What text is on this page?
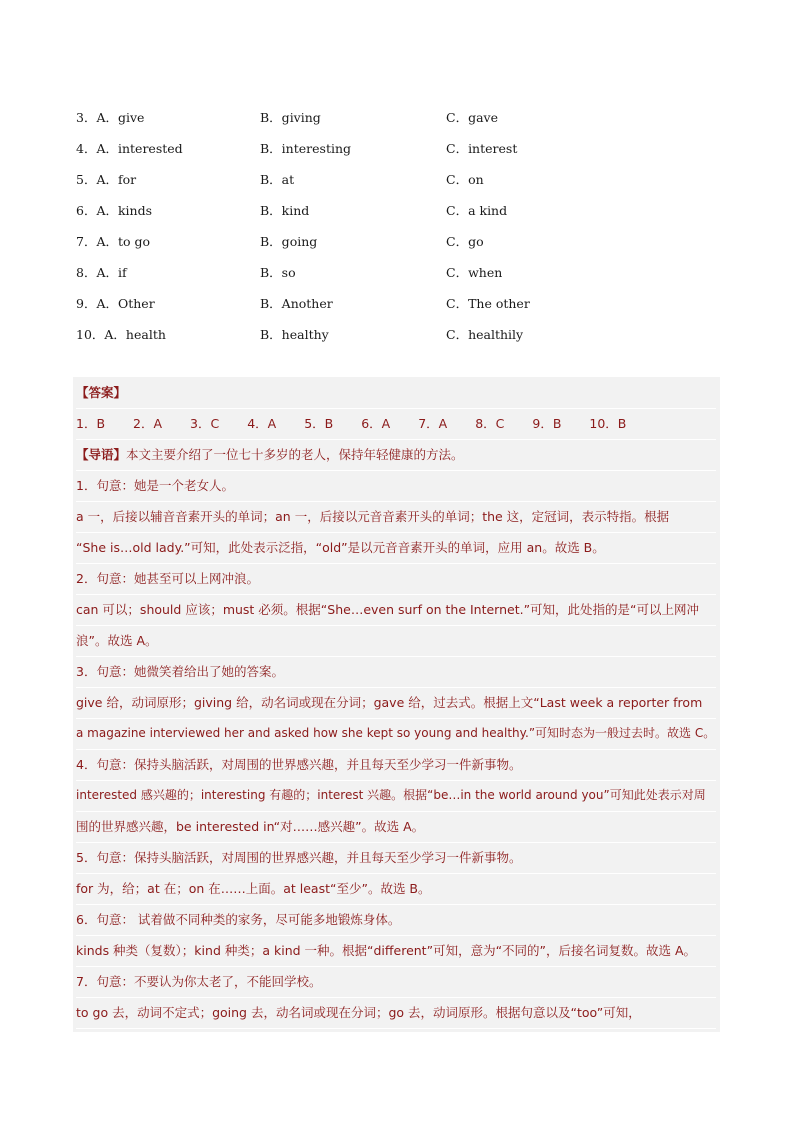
3．A．give	B．giving	C．gave
4．A．interested	B．interesting	C．interest
5．A．for	B．at	C．on
6．A．kinds	B．kind	C．a kind
7．A．to go	B．going	C．go
8．A．if	B．so	C．when
9．A．Other	B．Another	C．The other
10．A．health	B．healthy	C．healthily
【答案】
1．B 2．A 3．C 4．A 5．B 6．A 7．A 8．C 9．B 10．B
【导语】本文主要介绍了一位七十多岁的老人，保持年轻健康的方法。
1．句意：她是一个老女人。
a 一，后接以辅音音素开头的单词；an 一，后接以元音音素开头的单词；the 这，定冠词，表示特指。根据
“She is…old lady.”可知，此处表示泛指，“old”是以元音音素开头的单词，应用 an。故选 B。
2．句意：她甚至可以上网冲浪。
can 可以；should 应该；must 必须。根据“She…even surf on the Internet.”可知，此处指的是“可以上网冲
浪”。故选 A。
3．句意：她微笑着给出了她的答案。
give 给，动词原形；giving 给，动名词或现在分词；gave 给，过去式。根据上文“Last week a reporter from
a magazine interviewed her and asked how she kept so young and healthy.”可知时态为一般过去时。故选 C。
4．句意：保持头脑活跃，对周围的世界感兴趣，并且每天至少学习一件新事物。
interested 感兴趣的；interesting 有趣的；interest 兴趣。根据“be…in the world around you”可知此处表示对周
围的世界感兴趣，be interested in“对……感兴趣”。故选 A。
5．句意：保持头脑活跃，对周围的世界感兴趣，并且每天至少学习一件新事物。
for 为，给；at 在；on 在……上面。at least“至少”。故选 B。
6．句意： 试着做不同种类的家务，尽可能多地锻炼身体。
kinds 种类（复数）；kind 种类；a kind 一种。根据“different”可知，意为“不同的”，后接名词复数。故选 A。
7．句意：不要认为你太老了，不能回学校。
to go 去，动词不定式；going 去，动名词或现在分词；go 去，动词原形。根据句意以及“too”可知，
